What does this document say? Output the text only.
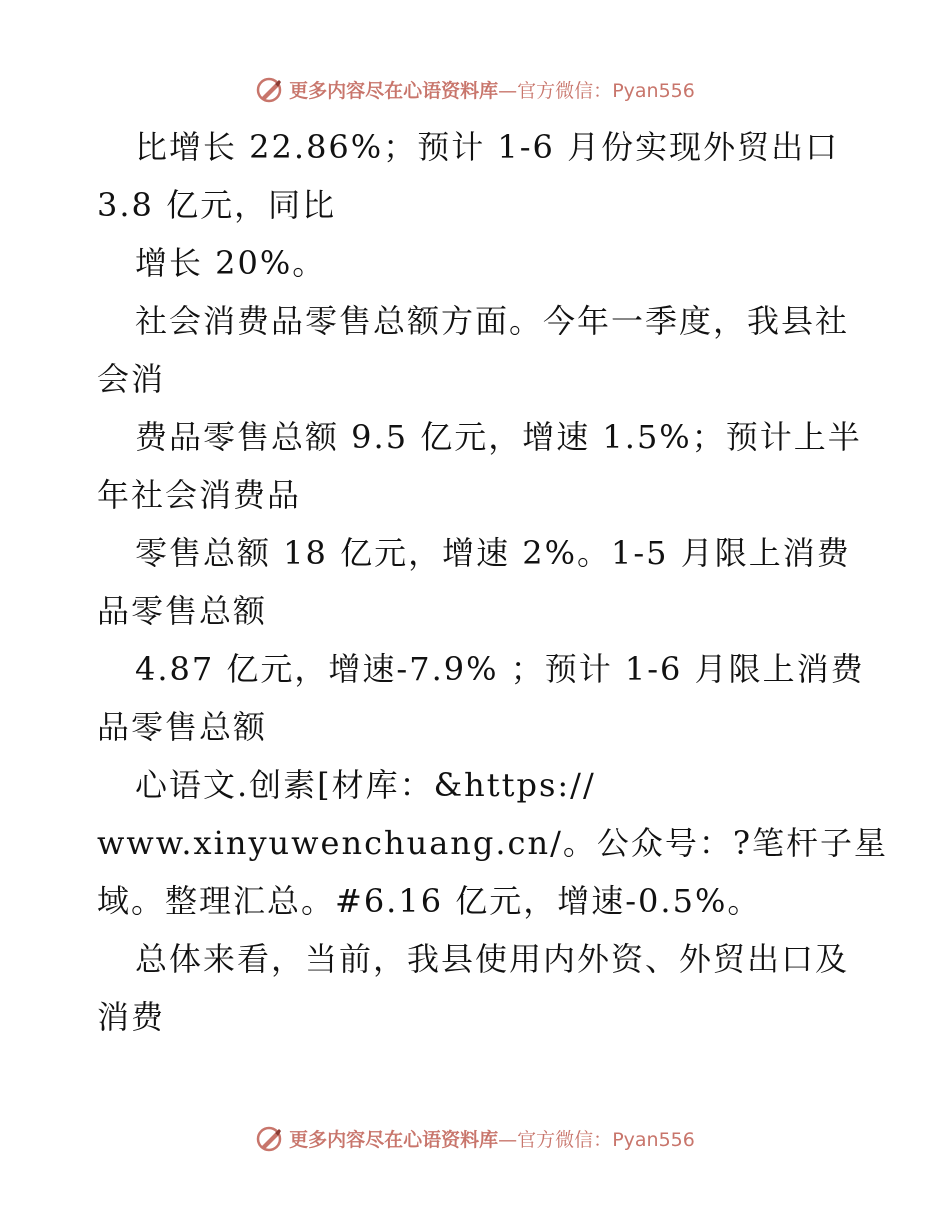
更多内容尽在心语资料库—官方微信：Pyan556
比增长 22.86%；预计 1-6 月份实现外贸出口
3.8 亿元，同比
增长 20%。
社会消费品零售总额方面。今年一季度，我县社
会消
费品零售总额 9.5 亿元，增速 1.5%；预计上半
年社会消费品
零售总额 18 亿元，增速 2%。1-5 月限上消费
品零售总额
4.87 亿元，增速-7.9% ；预计 1-6 月限上消费
品零售总额
心语文.创素[材库：&https://
www.xinyuwenchuang.cn/。公众号：?笔杆子星
域。整理汇总。#6.16 亿元，增速-0.5%。
总体来看，当前，我县使用内外资、外贸出口及
消费
更多内容尽在心语资料库—官方微信：Pyan556
